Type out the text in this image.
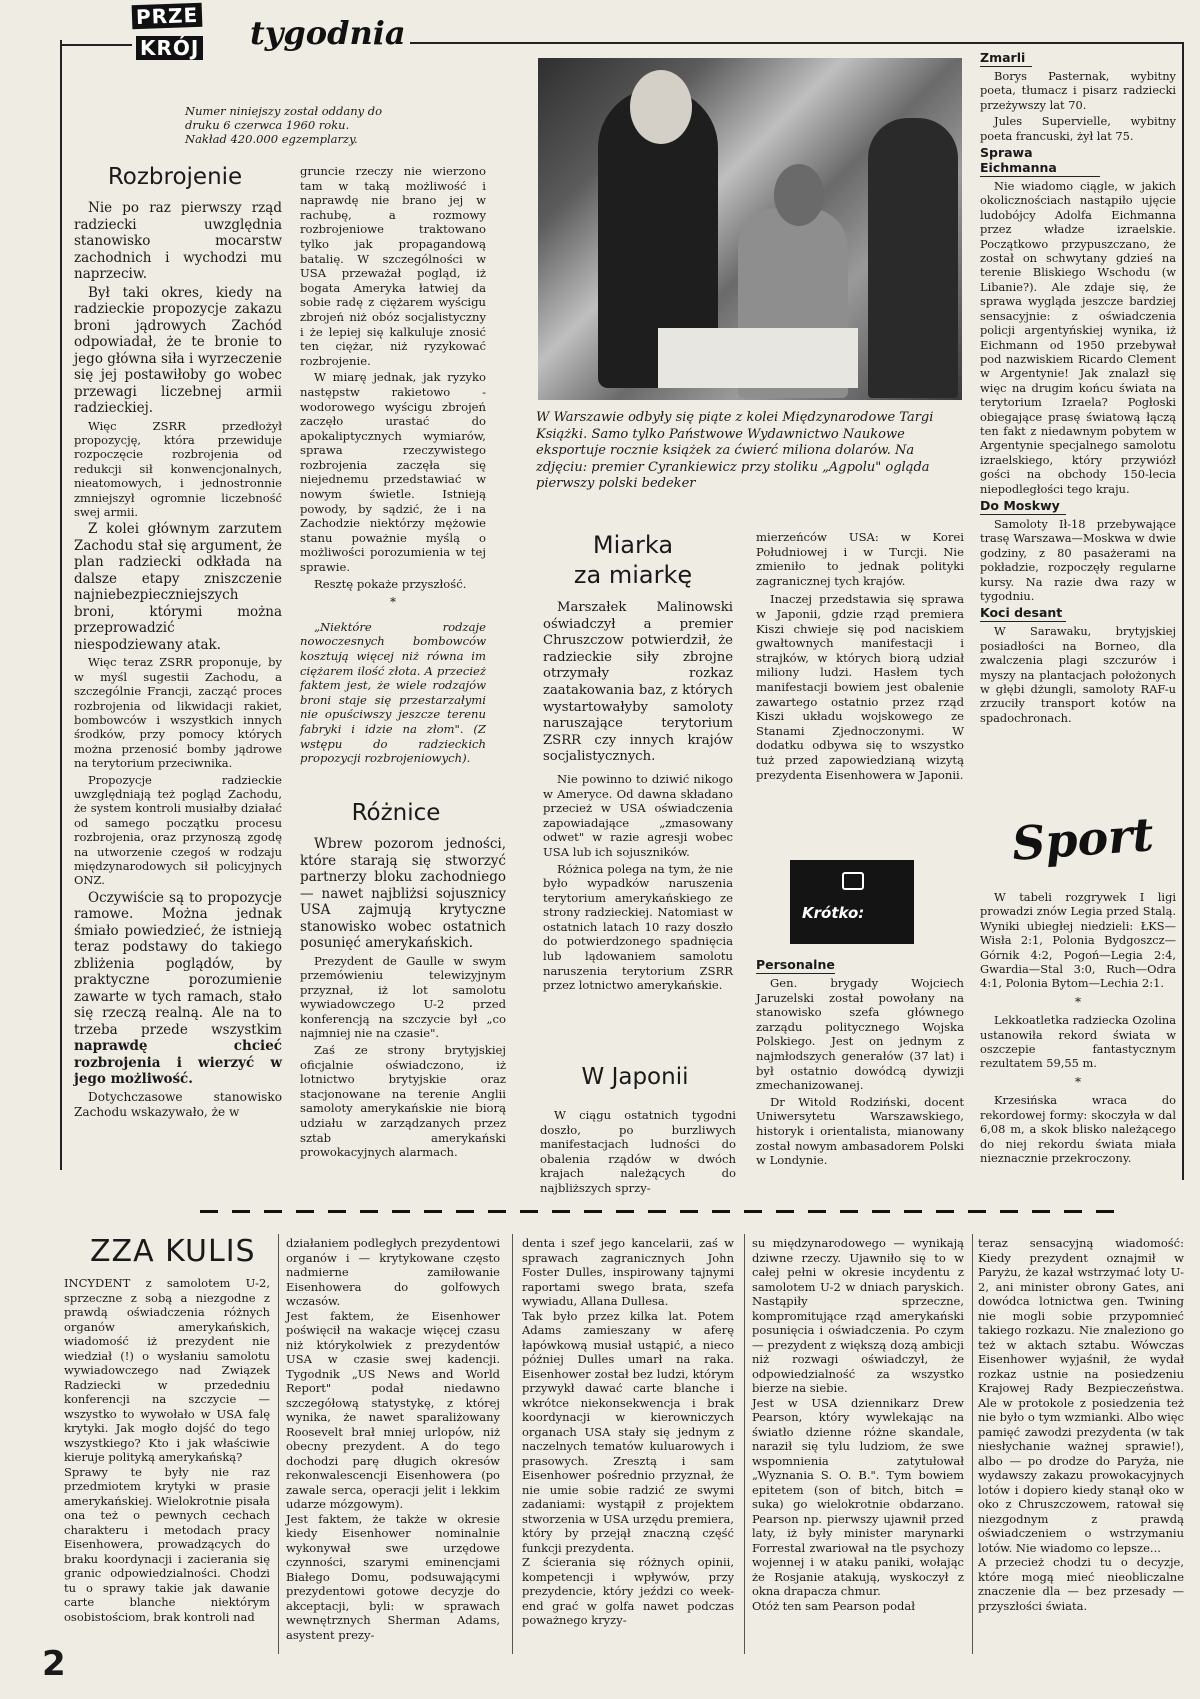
PRZE
KRÓJ tygodnia
Numer niniejszy został oddany do druku 6 czerwca 1960 roku.
Nakład 420.000 egzemplarzy.
Rozbrojenie

Nie po raz pierwszy rząd radziecki uwzględnia stanowisko mocarstw zachodnich i wychodzi mu naprzeciw.

Był taki okres, kiedy na radzieckie propozycje zakazu broni jądrowych Zachód odpowiadał, że te bronie to jego główna siła i wyrzeczenie się jej postawiłoby go wobec przewagi liczebnej armii radzieckiej.

Więc ZSRR przedłożył propozycję, która przewiduje rozpoczęcie rozbrojenia od redukcji sił konwencjonalnych, nieatomowych, i jednostronnie zmniejszył ogromnie liczebność swej armii.

Z kolei głównym zarzutem Zachodu stał się argument, że plan radziecki odkłada na dalsze etapy zniszczenie najniebezpieczniejszych broni, którymi można przeprowadzić niespodziewany atak.

Więc teraz ZSRR proponuje, by w myśl sugestii Zachodu, a szczególnie Francji, zacząć proces rozbrojenia od likwidacji rakiet, bombowców i wszystkich innych środków, przy pomocy których można przenosić bomby jądrowe na terytorium przeciwnika.

Propozycje radzieckie uwzględniają też pogląd Zachodu, że system kontroli musiałby działać od samego początku procesu rozbrojenia, oraz przynoszą zgodę na utworzenie czegoś w rodzaju międzynarodowych sił policyjnych ONZ.

Oczywiście są to propozycje ramowe. Można jednak śmiało powiedzieć, że istnieją teraz podstawy do takiego zbliżenia poglądów, by praktyczne porozumienie zawarte w tych ramach, stało się rzeczą realną. Ale na to trzeba przede wszystkim naprawdę chcieć rozbrojenia i wierzyć w jego możliwość.

Dotychczasowe stanowisko Zachodu wskazywało, że w

gruncie rzeczy nie wierzono tam w taką możliwość i naprawdę nie brano jej w rachubę, a rozmowy rozbrojeniowe traktowano tylko jak propagandową batalię. W szczególności w USA przeważał pogląd, iż bogata Ameryka łatwiej da sobie radę z ciężarem wyścigu zbrojeń niż obóz socjalistyczny i że lepiej się kalkuluje znosić ten ciężar, niż ryzykować rozbrojenie.

W miarę jednak, jak ryzyko następstw rakietowo - wodorowego wyścigu zbrojeń zaczęło urastać do apokaliptycznych wymiarów, sprawa rzeczywistego rozbrojenia zaczęła się niejednemu przedstawiać w nowym świetle. Istnieją powody, by sądzić, że i na Zachodzie niektórzy mężowie stanu poważnie myślą o możliwości porozumienia w tej sprawie.

Resztę pokaże przyszłość.

*

„Niektóre rodzaje nowoczesnych bombowców kosztują więcej niż równa im ciężarem ilość złota. A przecież faktem jest, że wiele rodzajów broni staje się przestarzałymi nie opuściwszy jeszcze terenu fabryki i idzie na złom". (Z wstępu do radzieckich propozycji rozbrojeniowych).

W Warszawie odbyły się piąte z kolei Międzynarodowe Targi Książki. Samo tylko Państwowe Wydawnictwo Naukowe eksportuje rocznie książek za ćwierć miliona dolarów. Na zdjęciu: premier Cyrankiewicz przy stoliku „Agpolu" ogląda pierwszy polski bedeker
Miarka
za miarkę

Marszałek Malinowski oświadczył a premier Chruszczow potwierdził, że radzieckie siły zbrojne otrzymały rozkaz zaatakowania baz, z których wystartowałyby samoloty naruszające terytorium ZSRR czy innych krajów socjalistycznych.

Nie powinno to dziwić nikogo w Ameryce. Od dawna składano przecież w USA oświadczenia zapowiadające „zmasowany odwet" w razie agresji wobec USA lub ich sojuszników.

Różnica polega na tym, że nie było wypadków naruszenia terytorium amerykańskiego ze strony radzieckiej. Natomiast w ostatnich latach 10 razy doszło do potwierdzonego spadnięcia lub lądowaniem samolotu naruszenia terytorium ZSRR przez lotnictwo amerykańskie.

Różnice

Wbrew pozorom jedności, które starają się stworzyć partnerzy bloku zachodniego — nawet najbliżsi sojusznicy USA zajmują krytyczne stanowisko wobec ostatnich posunięć amerykańskich.

Prezydent de Gaulle w swym przemówieniu telewizyjnym przyznał, iż lot samolotu wywiadowczego U-2 przed konferencją na szczycie był „co najmniej nie na czasie".

Zaś ze strony brytyjskiej oficjalnie oświadczono, iż lotnictwo brytyjskie oraz stacjonowane na terenie Anglii samoloty amerykańskie nie biorą udziału w zarządzanych przez sztab amerykański prowokacyjnych alarmach.

W Japonii

W ciągu ostatnich tygodni doszło, po burzliwych manifestacjach ludności do obalenia rządów w dwóch krajach należących do najbliższych sprzy-

mierzeńców USA: w Korei Południowej i w Turcji. Nie zmieniło to jednak polityki zagranicznej tych krajów.

Inaczej przedstawia się sprawa w Japonii, gdzie rząd premiera Kiszi chwieje się pod naciskiem gwałtownych manifestacji i strajków, w których biorą udział miliony ludzi. Hasłem tych manifestacji bowiem jest obalenie zawartego ostatnio przez rząd Kiszi układu wojskowego ze Stanami Zjednoczonymi. W dodatku odbywa się to wszystko tuż przed zapowiedzianą wizytą prezydenta Eisenhowera w Japonii.

Krótko:
Personalne

Gen. brygady Wojciech Jaruzelski został powołany na stanowisko szefa głównego zarządu politycznego Wojska Polskiego. Jest on jednym z najmłodszych generałów (37 lat) i był ostatnio dowódcą dywizji zmechanizowanej.

Dr Witold Rodziński, docent Uniwersytetu Warszawskiego, historyk i orientalista, mianowany został nowym ambasadorem Polski w Londynie.

Zmarli

Borys Pasternak, wybitny poeta, tłumacz i pisarz radziecki przeżywszy lat 70.

Jules Supervielle, wybitny poeta francuski, żył lat 75.

Sprawa Eichmanna

Nie wiadomo ciągle, w jakich okolicznościach nastąpiło ujęcie ludobójcy Adolfa Eichmanna przez władze izraelskie. Początkowo przypuszczano, że został on schwytany gdzieś na terenie Bliskiego Wschodu (w Libanie?). Ale zdaje się, że sprawa wygląda jeszcze bardziej sensacyjnie: z oświadczenia policji argentyńskiej wynika, iż Eichmann od 1950 przebywał pod nazwiskiem Ricardo Clement w Argentynie! Jak znalazł się więc na drugim końcu świata na terytorium Izraela? Pogłoski obiegające prasę światową łączą ten fakt z niedawnym pobytem w Argentynie specjalnego samolotu izraelskiego, który przywiózł gości na obchody 150-lecia niepodległości tego kraju.

Do Moskwy

Samoloty Ił-18 przebywające trasę Warszawa—Moskwa w dwie godziny, z 80 pasażerami na pokładzie, rozpoczęły regularne kursy. Na razie dwa razy w tygodniu.

Koci desant

W Sarawaku, brytyjskiej posiadłości na Borneo, dla zwalczenia plagi szczurów i myszy na plantacjach położonych w głębi dżungli, samoloty RAF-u zrzuciły transport kotów na spadochronach.

Sport

W tabeli rozgrywek I ligi prowadzi znów Legia przed Stalą. Wyniki ubiegłej niedzieli: ŁKS—Wisła 2:1, Polonia Bydgoszcz—Górnik 4:2, Pogoń—Legia 2:4, Gwardia—Stal 3:0, Ruch—Odra 4:1, Polonia Bytom—Lechia 2:1.

*

Lekkoatletka radziecka Ozolina ustanowiła rekord świata w oszczepie fantastycznym rezultatem 59,55 m.

*

Krzesińska wraca do rekordowej formy: skoczyła w dal 6,08 m, a skok blisko należącego do niej rekordu świata miała nieznacznie przekroczony.

ZZA KULIS

INCYDENT z samolotem U-2, sprzeczne z sobą a niezgodne z prawdą oświadczenia różnych organów amerykańskich, wiadomość iż prezydent nie wiedział (!) o wysłaniu samolotu wywiadowczego nad Związek Radziecki w przededniu konferencji na szczycie — wszystko to wywołało w USA falę krytyki. Jak mogło dojść do tego wszystkiego? Kto i jak właściwie kieruje polityką amerykańską?
Sprawy te były nie raz przedmiotem krytyki w prasie amerykańskiej. Wielokrotnie pisała ona też o pewnych cechach charakteru i metodach pracy Eisenhowera, prowadzących do braku koordynacji i zacierania się granic odpowiedzialności. Chodzi tu o sprawy takie jak dawanie carte blanche niektórym osobistościom, brak kontroli nad

działaniem podległych prezydentowi organów i — krytykowane często nadmierne zamiłowanie Eisenhowera do golfowych wczasów.
Jest faktem, że Eisenhower poświęcił na wakacje więcej czasu niż którykolwiek z prezydentów USA w czasie swej kadencji. Tygodnik „US News and World Report" podał niedawno szczegółową statystykę, z której wynika, że nawet sparaliżowany Roosevelt brał mniej urlopów, niż obecny prezydent. A do tego dochodzi parę długich okresów rekonwalescencji Eisenhowera (po zawale serca, operacji jelit i lekkim udarze mózgowym).
Jest faktem, że także w okresie kiedy Eisenhower nominalnie wykonywał swe urzędowe czynności, szarymi eminencjami Białego Domu, podsuwającymi prezydentowi gotowe decyzje do akceptacji, byli: w sprawach wewnętrznych Sherman Adams, asystent prezy-

denta i szef jego kancelarii, zaś w sprawach zagranicznych John Foster Dulles, inspirowany tajnymi raportami swego brata, szefa wywiadu, Allana Dullesa.
Tak było przez kilka lat. Potem Adams zamieszany w aferę łapówkową musiał ustąpić, a nieco później Dulles umarł na raka. Eisenhower został bez ludzi, którym przywykł dawać carte blanche i wkrótce niekonsekwencja i brak koordynacji w kierowniczych organach USA stały się jednym z naczelnych tematów kuluarowych i prasowych. Zresztą i sam Eisenhower pośrednio przyznał, że nie umie sobie radzić ze swymi zadaniami: wystąpił z projektem stworzenia w USA urzędu premiera, który by przejął znaczną część funkcji prezydenta.
Z ścierania się różnych opinii, kompetencji i wpływów, przy prezydencie, który jeździ co week-end grać w golfa nawet podczas poważnego kryzy-

su międzynarodowego — wynikają dziwne rzeczy. Ujawniło się to w całej pełni w okresie incydentu z samolotem U-2 w dniach paryskich. Nastąpiły sprzeczne, kompromitujące rząd amerykański posunięcia i oświadczenia. Po czym — prezydent z większą dozą ambicji niż rozwagi oświadczył, że odpowiedzialność za wszystko bierze na siebie.
Jest w USA dziennikarz Drew Pearson, który wywlekając na światło dzienne różne skandale, naraził się tylu ludziom, że swe wspomnienia zatytułował „Wyznania S. O. B.". Tym bowiem epitetem (son of bitch, bitch = suka) go wielokrotnie obdarzano. Pearson np. pierwszy ujawnił przed laty, iż były minister marynarki Forrestal zwariował na tle psychozy wojennej i w ataku paniki, wołając że Rosjanie atakują, wyskoczył z okna drapacza chmur.
Otóż ten sam Pearson podał

teraz sensacyjną wiadomość: Kiedy prezydent oznajmił w Paryżu, że kazał wstrzymać loty U-2, ani minister obrony Gates, ani dowódca lotnictwa gen. Twining nie mogli sobie przypomnieć takiego rozkazu. Nie znaleziono go też w aktach sztabu. Wówczas Eisenhower wyjaśnił, że wydał rozkaz ustnie na posiedzeniu Krajowej Rady Bezpieczeństwa. Ale w protokole z posiedzenia też nie było o tym wzmianki. Albo więc pamięć zawodzi prezydenta (w tak niesłychanie ważnej sprawie!), albo — po drodze do Paryża, nie wydawszy zakazu prowokacyjnych lotów i dopiero kiedy stanął oko w oko z Chruszczowem, ratował się niezgodnym z prawdą oświadczeniem o wstrzymaniu lotów. Nie wiadomo co lepsze...
A przecież chodzi tu o decyzje, które mogą mieć nieobliczalne znaczenie dla — bez przesady — przyszłości świata.

2
